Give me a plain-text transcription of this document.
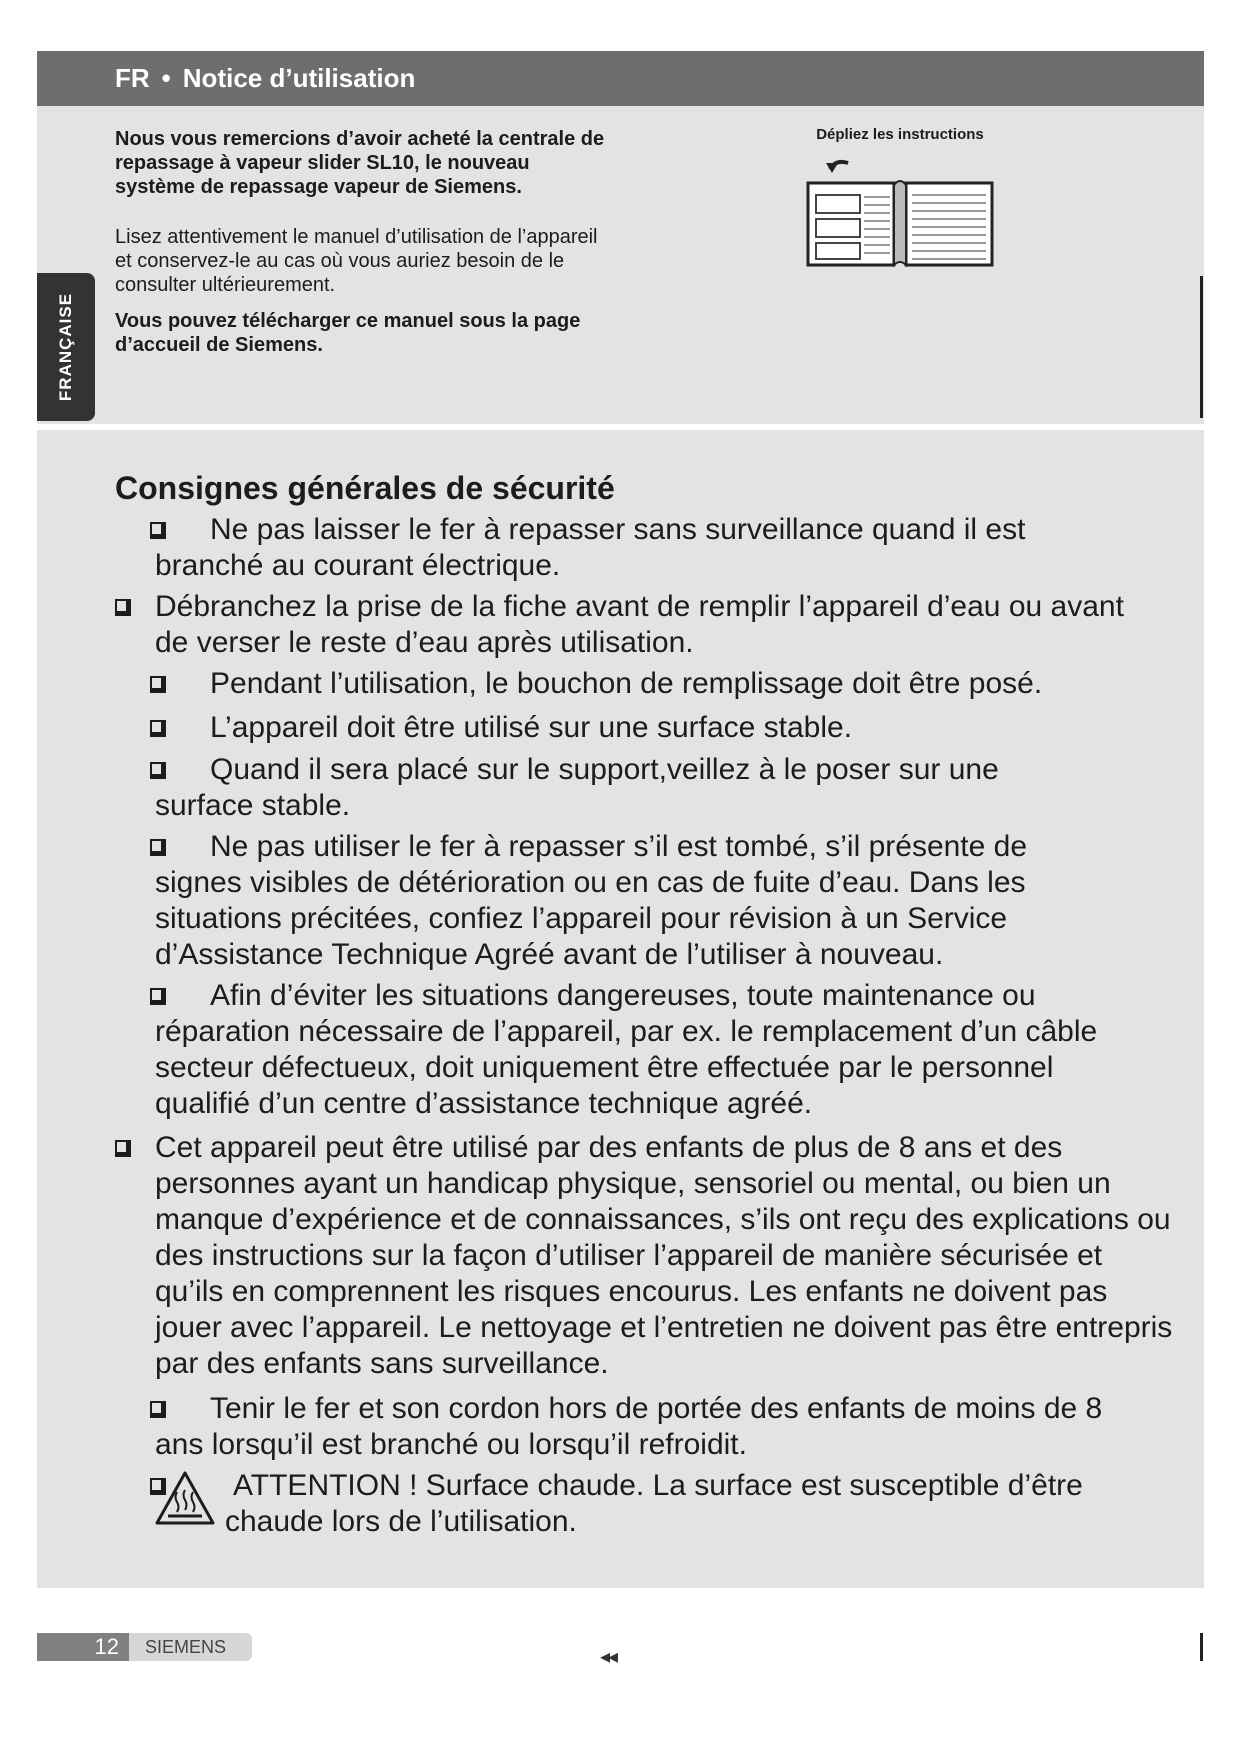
FR • Notice d’utilisation
FRANÇAISE

Nous vous remercions d’avoir acheté la centrale de repassage à vapeur slider SL10, le nouveau système de repassage vapeur de Siemens.

Lisez attentivement le manuel d’utilisation de l’appareil et conservez-le au cas où vous auriez besoin de le consulter ultérieurement.

Vous pouvez télécharger ce manuel sous la page d’accueil de Siemens.

Dépliez les instructions
Consignes générales de sécurité
Ne pas laisser le fer à repasser sans surveillance quand il est branché au courant électrique.
Débranchez la prise de la fiche avant de remplir l’appareil d’eau ou avant de verser le reste d’eau après utilisation.
Pendant l’utilisation, le bouchon de remplissage doit être posé.
L’appareil doit être utilisé sur une surface stable.
Quand il sera placé sur le support,veillez à le poser sur une surface stable.
Ne pas utiliser le fer à repasser s’il est tombé, s’il présente de signes visibles de détérioration ou en cas de fuite d’eau. Dans les situations précitées, confiez l’appareil pour révision à un Service d’Assistance Technique Agréé avant de l’utiliser à nouveau.
Afin d’éviter les situations dangereuses, toute maintenance ou réparation nécessaire de l’appareil, par ex. le remplacement d’un câble secteur défectueux, doit uniquement être effectuée par le personnel qualifié d’un centre d’assistance technique agréé.
Cet appareil peut être utilisé par des enfants de plus de 8 ans et des personnes ayant un handicap physique, sensoriel ou mental, ou bien un manque d’expérience et de connaissances, s’ils ont reçu des explications ou des instructions sur la façon d’utiliser l’appareil de manière sécurisée et qu’ils en comprennent les risques encourus. Les enfants ne doivent pas jouer avec l’appareil. Le nettoyage et l’entretien ne doivent pas être entrepris par des enfants sans surveillance.
Tenir le fer et son cordon hors de portée des enfants de moins de 8 ans lorsqu’il est branché ou lorsqu’il refroidit.
ATTENTION ! Surface chaude. La surface est susceptible d’être chaude lors de l’utilisation.
12	SIEMENS	◂◂
